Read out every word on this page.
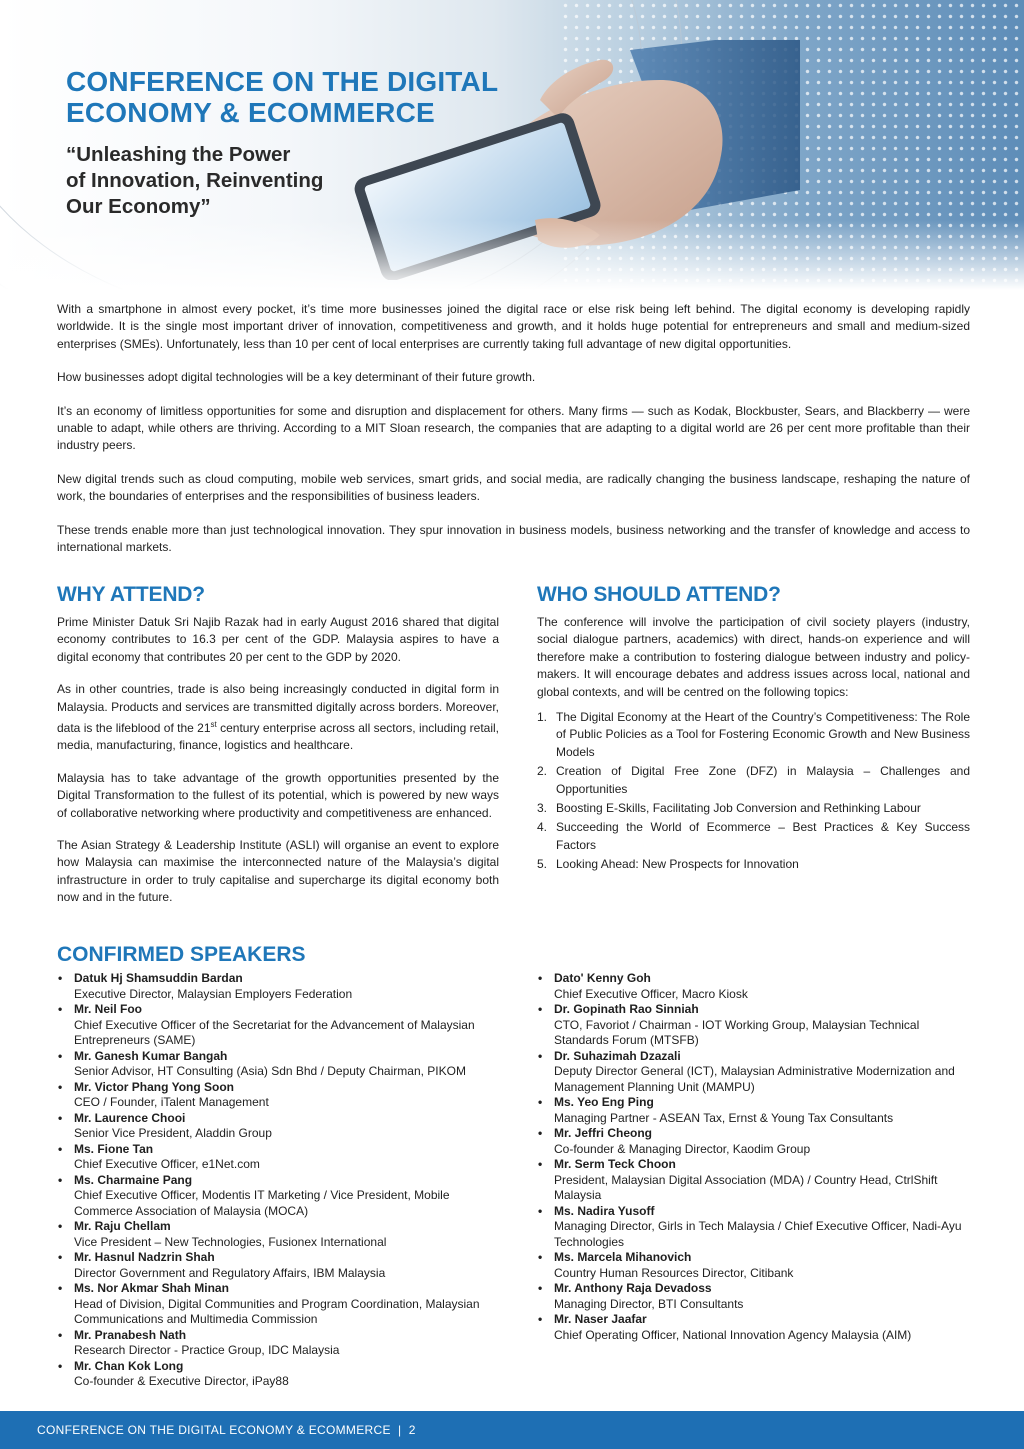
CONFERENCE ON THE DIGITAL
ECONOMY & ECOMMERCE
“Unleashing the Power
of Innovation, Reinventing
Our Economy”

With a smartphone in almost every pocket, it’s time more businesses joined the digital race or else risk being left behind. The digital economy is developing rapidly worldwide. It is the single most important driver of innovation, competitiveness and growth, and it holds huge potential for entrepreneurs and small and medium-sized enterprises (SMEs). Unfortunately, less than 10 per cent of local enterprises are currently taking full advantage of new digital opportunities.

How businesses adopt digital technologies will be a key determinant of their future growth.

It’s an economy of limitless opportunities for some and disruption and displacement for others. Many firms — such as Kodak, Blockbuster, Sears, and Blackberry — were unable to adapt, while others are thriving. According to a MIT Sloan research, the companies that are adapting to a digital world are 26 per cent more profitable than their industry peers.

New digital trends such as cloud computing, mobile web services, smart grids, and social media, are radically changing the business landscape, reshaping the nature of work, the boundaries of enterprises and the responsibilities of business leaders.

These trends enable more than just technological innovation. They spur innovation in business models, business networking and the transfer of knowledge and access to international markets.

WHY ATTEND?

Prime Minister Datuk Sri Najib Razak had in early August 2016 shared that digital economy contributes to 16.3 per cent of the GDP. Malaysia aspires to have a digital economy that contributes 20 per cent to the GDP by 2020.

As in other countries, trade is also being increasingly conducted in digital form in Malaysia. Products and services are transmitted digitally across borders. Moreover, data is the lifeblood of the 21st century enterprise across all sectors, including retail, media, manufacturing, finance, logistics and healthcare.

Malaysia has to take advantage of the growth opportunities presented by the Digital Transformation to the fullest of its potential, which is powered by new ways of collaborative networking where productivity and competitiveness are enhanced.

The Asian Strategy & Leadership Institute (ASLI) will organise an event to explore how Malaysia can maximise the interconnected nature of the Malaysia’s digital infrastructure in order to truly capitalise and supercharge its digital economy both now and in the future.

WHO SHOULD ATTEND?

The conference will involve the participation of civil society players (industry, social dialogue partners, academics) with direct, hands-on experience and will therefore make a contribution to fostering dialogue between industry and policy-makers. It will encourage debates and address issues across local, national and global contexts, and will be centred on the following topics:

1. The Digital Economy at the Heart of the Country’s Competitiveness: The Role of Public Policies as a Tool for Fostering Economic Growth and New Business Models
2. Creation of Digital Free Zone (DFZ) in Malaysia – Challenges and Opportunities
3. Boosting E-Skills, Facilitating Job Conversion and Rethinking Labour
4. Succeeding the World of Ecommerce – Best Practices & Key Success Factors
5. Looking Ahead: New Prospects for Innovation
CONFIRMED SPEAKERS
• Datuk Hj Shamsuddin Bardan
Executive Director, Malaysian Employers Federation
• Mr. Neil Foo
Chief Executive Officer of the Secretariat for the Advancement of Malaysian Entrepreneurs (SAME)
• Mr. Ganesh Kumar Bangah
Senior Advisor, HT Consulting (Asia) Sdn Bhd / Deputy Chairman, PIKOM
• Mr. Victor Phang Yong Soon
CEO / Founder, iTalent Management
• Mr. Laurence Chooi
Senior Vice President, Aladdin Group
• Ms. Fione Tan
Chief Executive Officer, e1Net.com
• Ms. Charmaine Pang
Chief Executive Officer, Modentis IT Marketing / Vice President, Mobile Commerce Association of Malaysia (MOCA)
• Mr. Raju Chellam
Vice President – New Technologies, Fusionex International
• Mr. Hasnul Nadzrin Shah
Director Government and Regulatory Affairs, IBM Malaysia
• Ms. Nor Akmar Shah Minan
Head of Division, Digital Communities and Program Coordination, Malaysian Communications and Multimedia Commission
• Mr. Pranabesh Nath
Research Director - Practice Group, IDC Malaysia
• Mr. Chan Kok Long
Co-founder & Executive Director, iPay88
• Dato' Kenny Goh
Chief Executive Officer, Macro Kiosk
• Dr. Gopinath Rao Sinniah
CTO, Favoriot / Chairman - IOT Working Group, Malaysian Technical Standards Forum (MTSFB)
• Dr. Suhazimah Dzazali
Deputy Director General (ICT), Malaysian Administrative Modernization and Management Planning Unit (MAMPU)
• Ms. Yeo Eng Ping
Managing Partner - ASEAN Tax, Ernst & Young Tax Consultants
• Mr. Jeffri Cheong
Co-founder & Managing Director, Kaodim Group
• Mr. Serm Teck Choon
President, Malaysian Digital Association (MDA) / Country Head, CtrlShift Malaysia
• Ms. Nadira Yusoff
Managing Director, Girls in Tech Malaysia / Chief Executive Officer, Nadi-Ayu Technologies
• Ms. Marcela Mihanovich
Country Human Resources Director, Citibank
• Mr. Anthony Raja Devadoss
Managing Director, BTI Consultants
• Mr. Naser Jaafar
Chief Operating Officer, National Innovation Agency Malaysia (AIM)
CONFERENCE ON THE DIGITAL ECONOMY & ECOMMERCE  |  2
